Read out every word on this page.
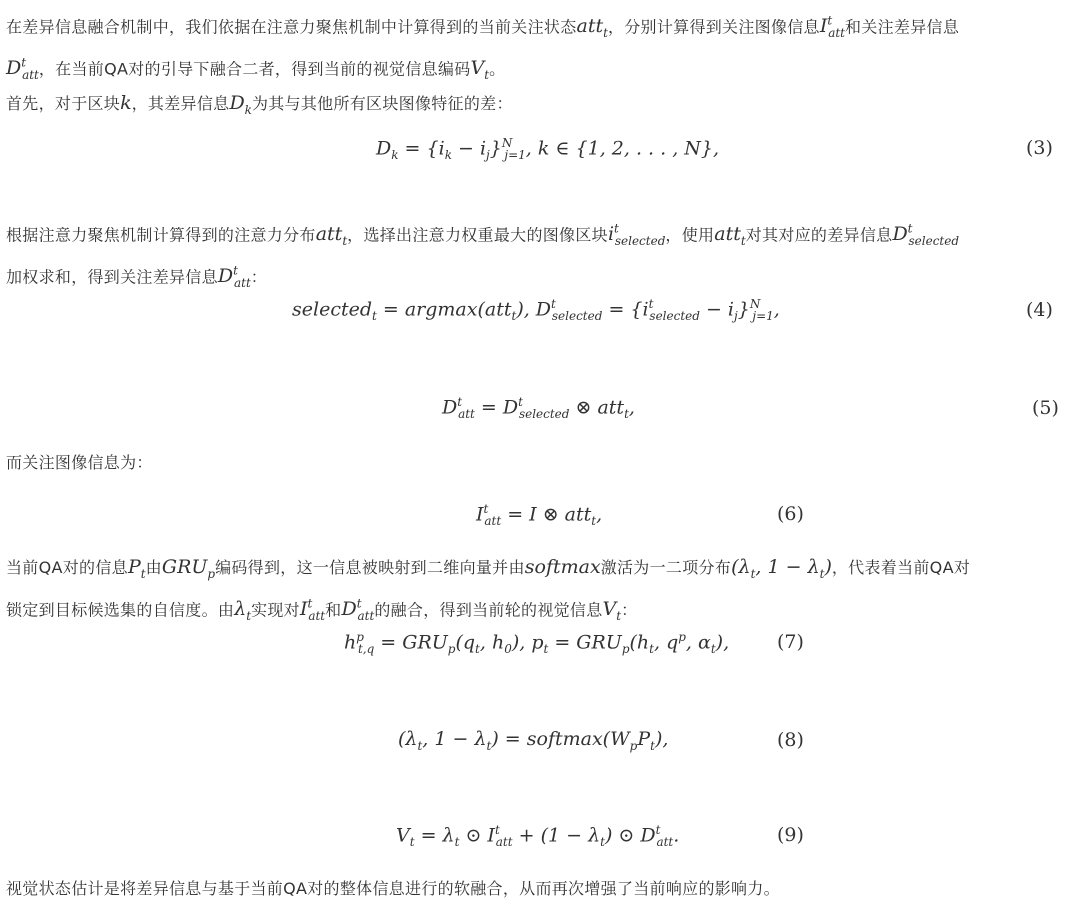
在差异信息融合机制中，我们依据在注意力聚焦机制中计算得到的当前关注状态att$_t$，分别计算得到关注图像信息$I^t_{att}$和关注差异信息
$D^t_{att}$，在当前QA对的引导下融合二者，得到当前的视觉信息编码$V_t$。
首先，对于区块k，其差异信息$D_k$为其与其他所有区块图像特征的差：
$D_k = \{i_k - i_j\}^N_{j=1}$, k ∈ {1, 2, . . . , N},	(3)
根据注意力聚焦机制计算得到的注意力分布att$_t$，选择出注意力权重最大的图像区块$i^t_{selected}$，使用att$_t$对其对应的差异信息$D^t_{selected}$
加权求和，得到关注差异信息$D^t_{att}$：
selected$_t$ = argmax(att$_t$), $D^t_{selected} = \{i^t_{selected} - i_j\}^N_{j=1}$,	(4)
$D^t_{att} = D^t_{selected}$ ⊗ att$_t$,	(5)
而关注图像信息为：
$I^t_{att} = I$ ⊗ att$_t$,	(6)
当前QA对的信息$P_t$由$GRU_p$编码得到，这一信息被映射到二维向量并由softmax激活为一二项分布($\lambda_t$, $1 - \lambda_t$)，代表着当前QA对
锁定到目标候选集的自信度。由$\lambda_t$实现对$I^t_{att}$和$D^t_{att}$的融合，得到当前轮的视觉信息$V_t$：
$h^p_{t,q} = GRU_p(q_t$, $h_0$), $p_t = GRU_p(h_t$, $q^p$, $\alpha_t$),	(7)
($\lambda_t$, $1 - \lambda_t$) = $softmax(W_pP_t)$,	(8)
$V_t = \lambda_t$ ⊙ $I^t_{att} + (1 - \lambda_t)$ ⊙ $D^t_{att}$.	(9)
视觉状态估计是将差异信息与基于当前QA对的整体信息进行的软融合，从而再次增强了当前响应的影响力。
